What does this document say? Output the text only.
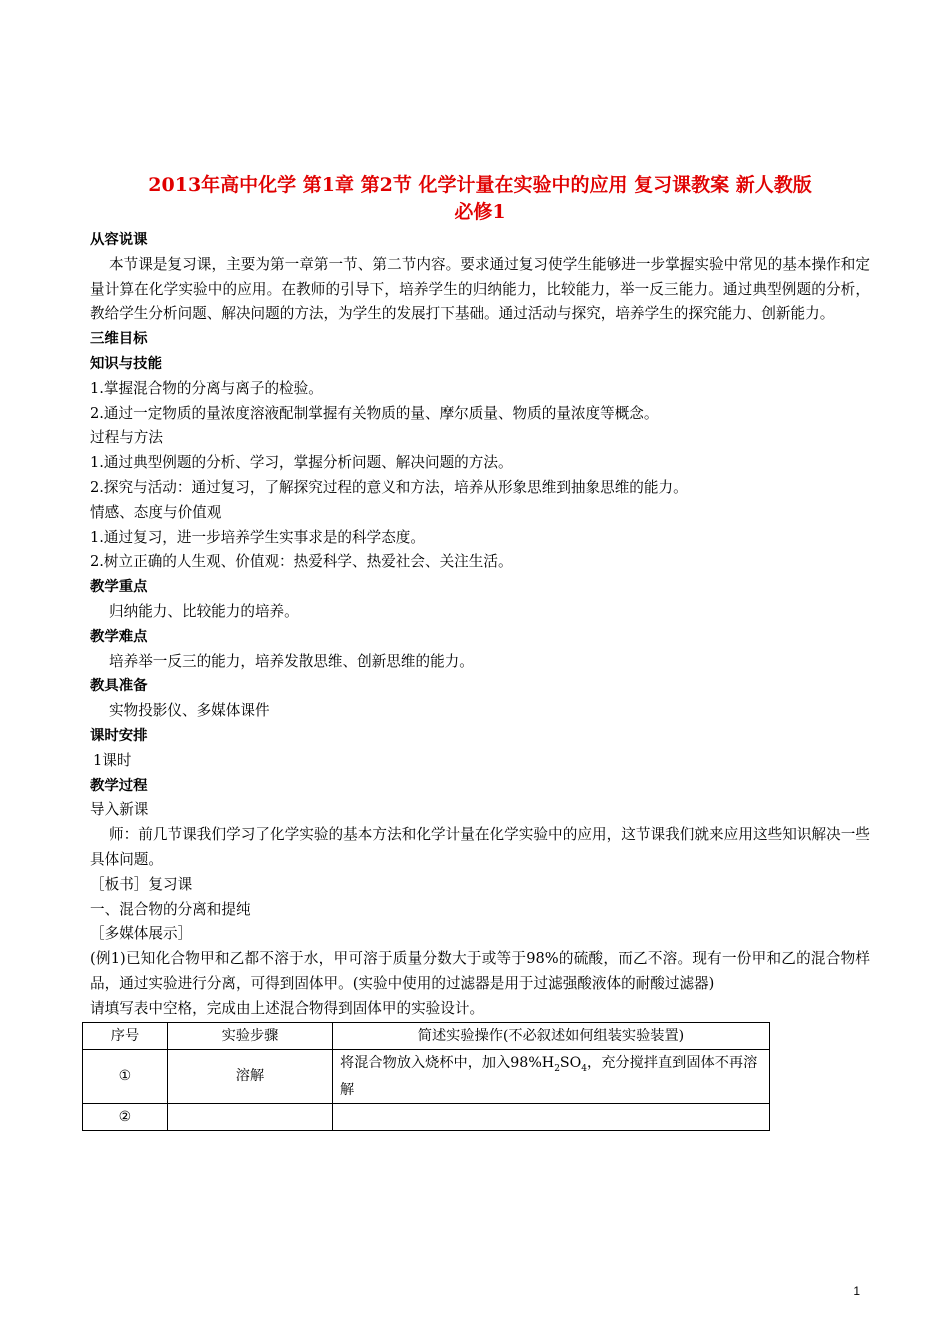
2013年高中化学 第1章 第2节 化学计量在实验中的应用 复习课教案 新人教版
必修1

从容说课

本节课是复习课，主要为第一章第一节、第二节内容。要求通过复习使学生能够进一步掌握实验中常见的基本操作和定量计算在化学实验中的应用。在教师的引导下，培养学生的归纳能力，比较能力，举一反三能力。通过典型例题的分析，教给学生分析问题、解决问题的方法，为学生的发展打下基础。通过活动与探究，培养学生的探究能力、创新能力。

三维目标

知识与技能

1.掌握混合物的分离与离子的检验。

2.通过一定物质的量浓度溶液配制掌握有关物质的量、摩尔质量、物质的量浓度等概念。

过程与方法

1.通过典型例题的分析、学习，掌握分析问题、解决问题的方法。

2.探究与活动：通过复习，了解探究过程的意义和方法，培养从形象思维到抽象思维的能力。

情感、态度与价值观

1.通过复习，进一步培养学生实事求是的科学态度。

2.树立正确的人生观、价值观：热爱科学、热爱社会、关注生活。

教学重点

归纳能力、比较能力的培养。

教学难点

培养举一反三的能力，培养发散思维、创新思维的能力。

教具准备

实物投影仪、多媒体课件

课时安排

1课时

教学过程

导入新课

师：前几节课我们学习了化学实验的基本方法和化学计量在化学实验中的应用，这节课我们就来应用这些知识解决一些具体问题。

［板书］复习课

一、混合物的分离和提纯

［多媒体展示］

(例1)已知化合物甲和乙都不溶于水，甲可溶于质量分数大于或等于98%的硫酸，而乙不溶。现有一份甲和乙的混合物样品，通过实验进行分离，可得到固体甲。(实验中使用的过滤器是用于过滤强酸液体的耐酸过滤器)

请填写表中空格，完成由上述混合物得到固体甲的实验设计。

序号	实验步骤	简述实验操作(不必叙述如何组装实验装置)
①	溶解	将混合物放入烧杯中，加入$98\%H_2SO_4$，充分搅拌直到固体不再溶解
②		
1
